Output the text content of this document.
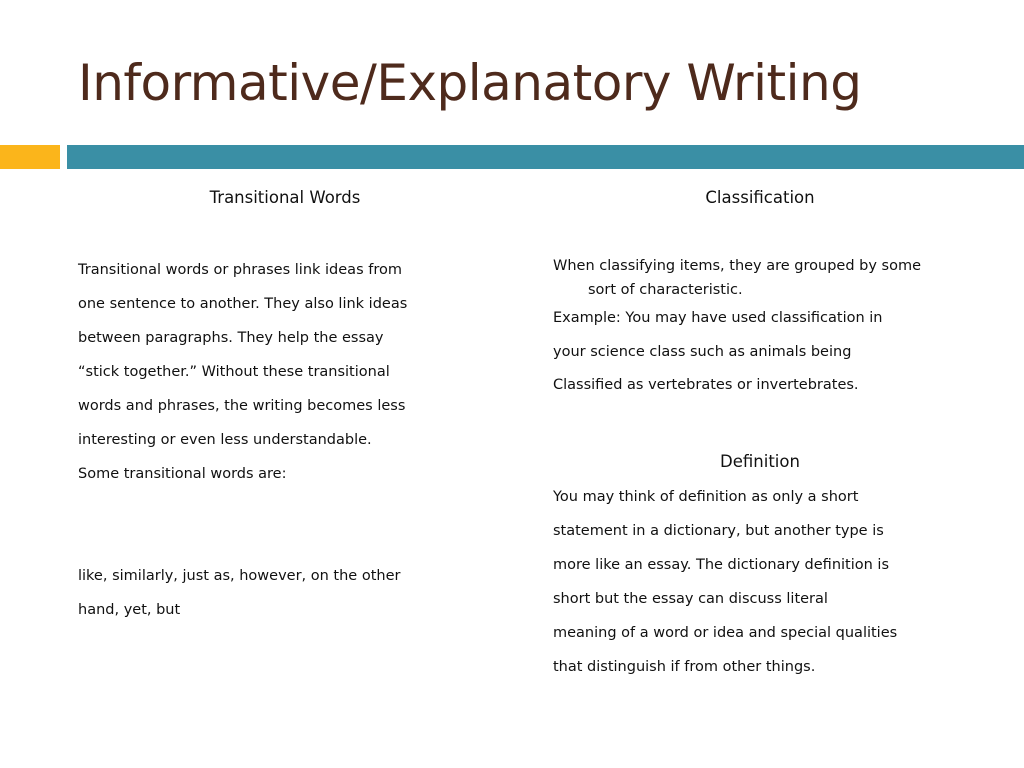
Informative/Explanatory Writing
Transitional Words
Transitional words or phrases link ideas from
one sentence to another. They also link ideas
between paragraphs. They help the essay
“stick together.” Without these transitional
words and phrases, the writing becomes less
interesting or even less understandable.
Some transitional words are:
like, similarly, just as, however, on the other
hand, yet, but
Classification
When classifying items, they are grouped by some
sort of characteristic.
Example: You may have used classification in
your science class such as animals being
Classified as vertebrates or invertebrates.
Definition
You may think of definition as only a short
statement in a dictionary, but another type is
more like an essay. The dictionary definition is
short but the essay can discuss literal
meaning of a word or idea and special qualities
that distinguish if from other things.
